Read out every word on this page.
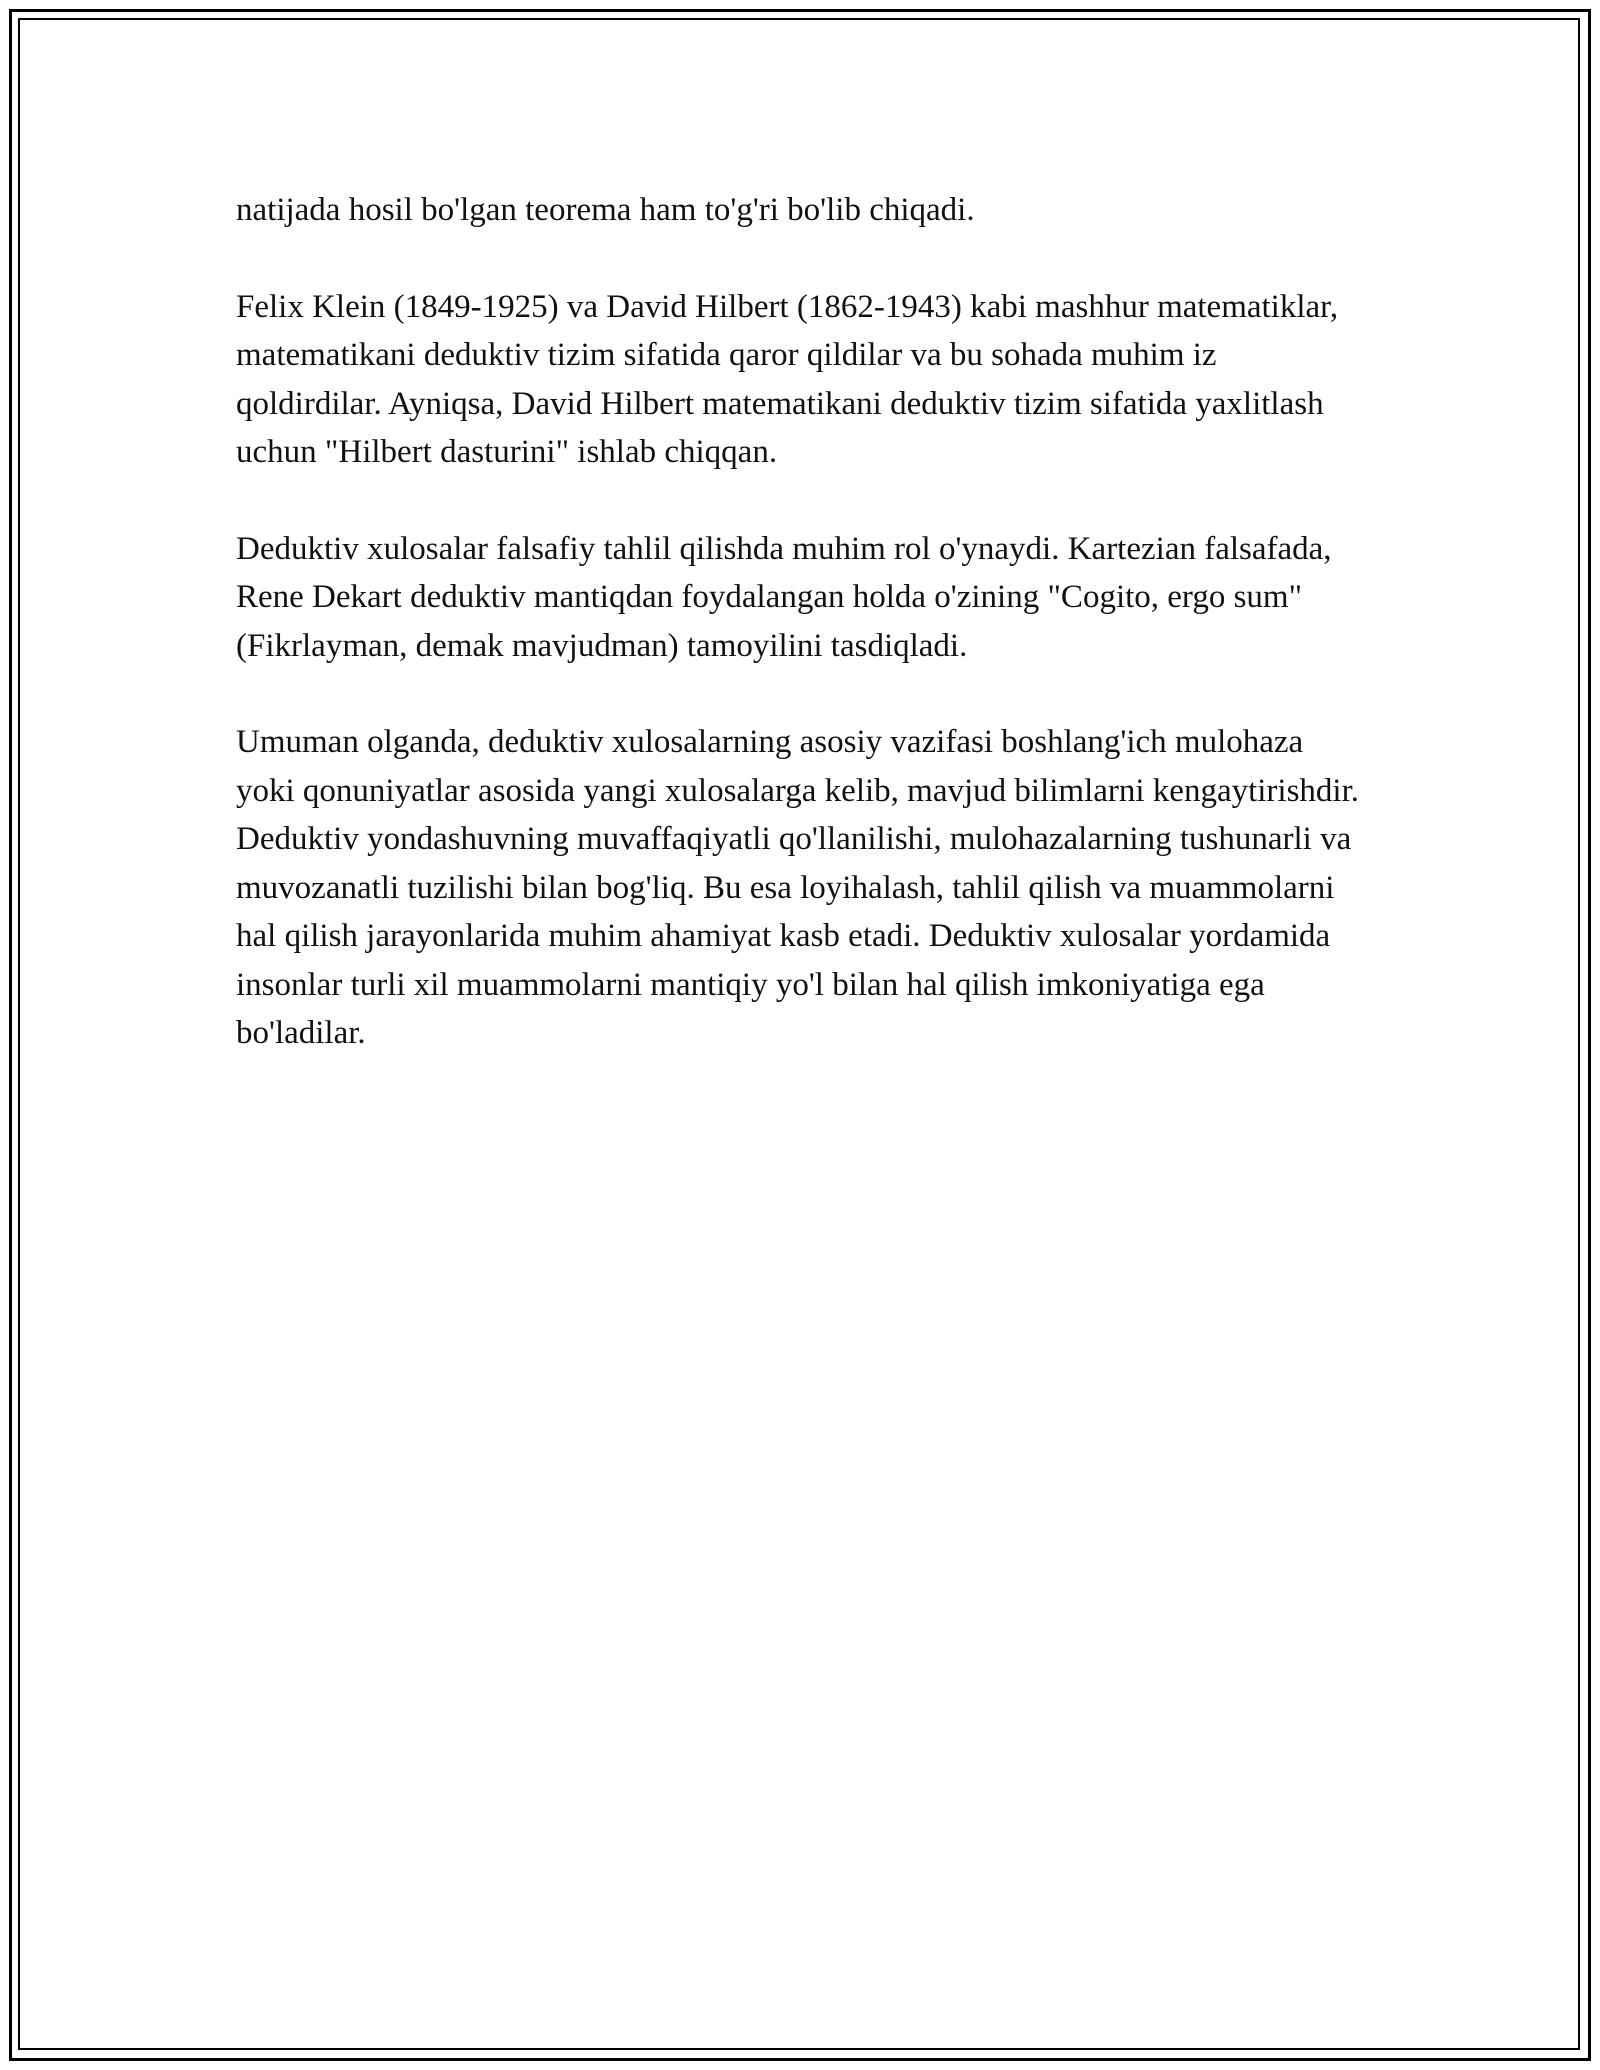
natijada hosil bo'lgan teorema ham to'g'ri bo'lib chiqadi.

Felix Klein (1849-1925) va David Hilbert (1862-1943) kabi mashhur matematiklar, matematikani deduktiv tizim sifatida qaror qildilar va bu sohada muhim iz qoldirdilar. Ayniqsa, David Hilbert matematikani deduktiv tizim sifatida yaxlitlash uchun "Hilbert dasturini" ishlab chiqqan.

Deduktiv xulosalar falsafiy tahlil qilishda muhim rol o'ynaydi. Kartezian falsafada, Rene Dekart deduktiv mantiqdan foydalangan holda o'zining "Cogito, ergo sum" (Fikrlayman, demak mavjudman) tamoyilini tasdiqladi.

Umuman olganda, deduktiv xulosalarning asosiy vazifasi boshlang'ich mulohaza yoki qonuniyatlar asosida yangi xulosalarga kelib, mavjud bilimlarni kengaytirishdir. Deduktiv yondashuvning muvaffaqiyatli qo'llanilishi, mulohazalarning tushunarli va muvozanatli tuzilishi bilan bog'liq. Bu esa loyihalash, tahlil qilish va muammolarni hal qilish jarayonlarida muhim ahamiyat kasb etadi. Deduktiv xulosalar yordamida insonlar turli xil muammolarni mantiqiy yo'l bilan hal qilish imkoniyatiga ega bo'ladilar.
